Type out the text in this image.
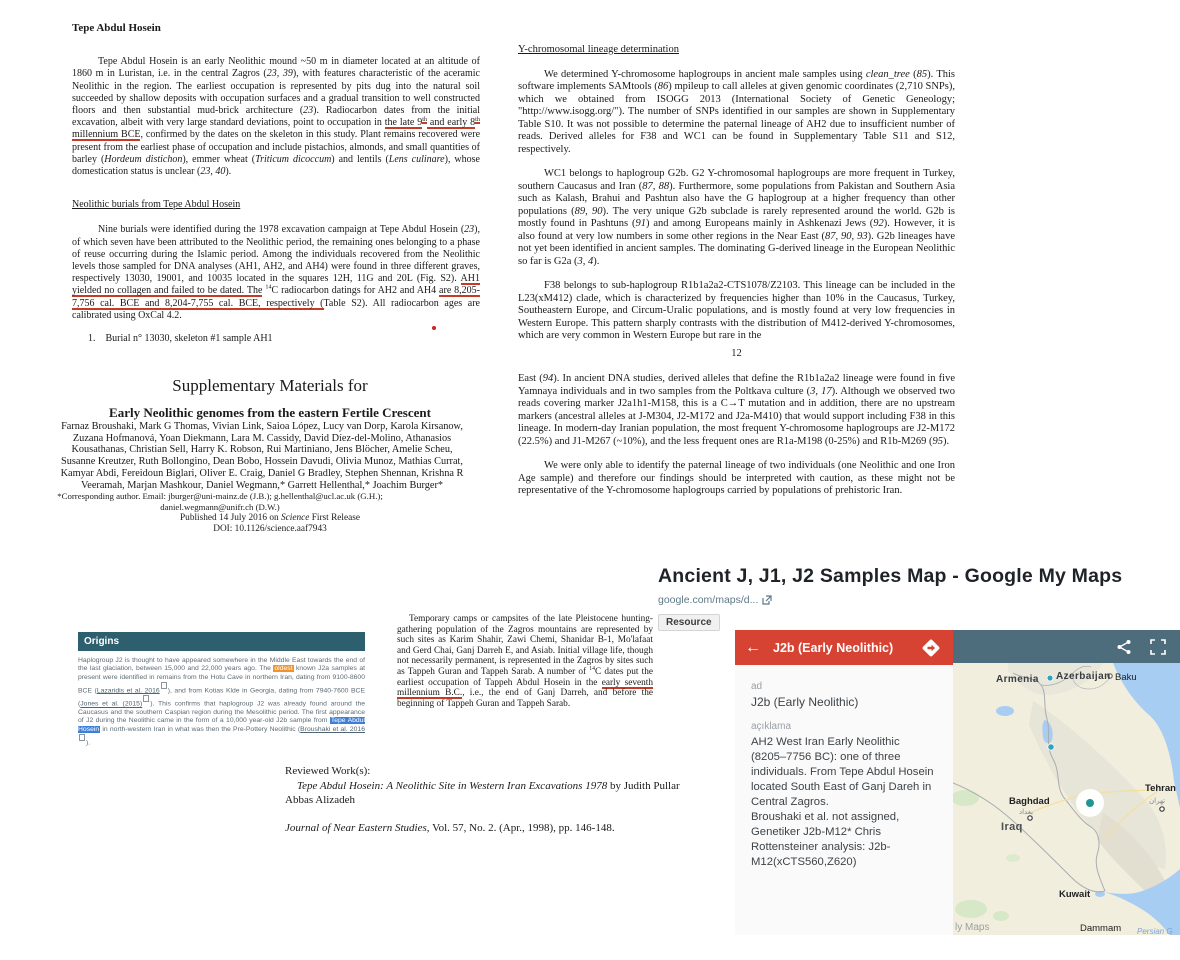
Tepe Abdul Hosein

Tepe Abdul Hosein is an early Neolithic mound ~50 m in diameter located at an altitude of 1860 m in Luristan, i.e. in the central Zagros (23, 39), with features characteristic of the aceramic Neolithic in the region. The earliest occupation is represented by pits dug into the natural soil succeeded by shallow deposits with occupation surfaces and a gradual transition to well constructed floors and then substantial mud-brick architecture (23). Radiocarbon dates from the initial excavation, albeit with very large standard deviations, point to occupation in the late 9th and early 8th millennium BCE, confirmed by the dates on the skeleton in this study. Plant remains recovered were present from the earliest phase of occupation and include pistachios, almonds, and small quantities of barley (Hordeum distichon), emmer wheat (Triticum dicoccum) and lentils (Lens culinare), whose domestication status is unclear (23, 40).

Neolithic burials from Tepe Abdul Hosein

Nine burials were identified during the 1978 excavation campaign at Tepe Abdul Hosein (23), of which seven have been attributed to the Neolithic period, the remaining ones belonging to a phase of reuse occurring during the Islamic period. Among the individuals recovered from the Neolithic levels those sampled for DNA analyses (AH1, AH2, and AH4) were found in three different graves, respectively 13030, 19001, and 10035 located in the squares 12H, 11G and 20L (Fig. S2). AH1 yielded no collagen and failed to be dated. The $^{14}$C radiocarbon datings for AH2 and AH4 are 8,205-7,756 cal. BCE and 8,204-7,755 cal. BCE, respectively (Table S2). All radiocarbon ages are calibrated using OxCal 4.2.

1. Burial n° 13030, skeleton #1 sample AH1
Supplementary Materials for
Early Neolithic genomes from the eastern Fertile Crescent

Farnaz Broushaki, Mark G Thomas, Vivian Link, Saioa López, Lucy van Dorp, Karola Kirsanow, Zuzana Hofmanová, Yoan Diekmann, Lara M. Cassidy, David Díez-del-Molino, Athanasios Kousathanas, Christian Sell, Harry K. Robson, Rui Martiniano, Jens Blöcher, Amelie Scheu, Susanne Kreutzer, Ruth Bollongino, Dean Bobo, Hossein Davudi, Olivia Munoz, Mathias Currat, Kamyar Abdi, Fereidoun Biglari, Oliver E. Craig, Daniel G Bradley, Stephen Shennan, Krishna R Veeramah, Marjan Mashkour, Daniel Wegmann,* Garrett Hellenthal,* Joachim Burger*

*Corresponding author. Email: jburger@uni-mainz.de (J.B.); g.hellenthal@ucl.ac.uk (G.H.); daniel.wegmann@unifr.ch (D.W.)

Published 14 July 2016 on Science First Release

DOI: 10.1126/science.aaf7943

Y-chromosomal lineage determination

We determined Y-chromosome haplogroups in ancient male samples using clean_tree (85). This software implements SAMtools (86) mpileup to call alleles at given genomic coordinates (2,710 SNPs), which we obtained from ISOGG 2013 (International Society of Genetic Geneology; "http://www.isogg.org/"). The number of SNPs identified in our samples are shown in Supplementary Table S10. It was not possible to determine the paternal lineage of AH2 due to insufficient number of reads. Derived alleles for F38 and WC1 can be found in Supplementary Table S11 and S12, respectively.

WC1 belongs to haplogroup G2b. G2 Y-chromosomal haplogroups are more frequent in Turkey, southern Caucasus and Iran (87, 88). Furthermore, some populations from Pakistan and Southern Asia such as Kalash, Brahui and Pashtun also have the G haplogroup at a higher frequency than other populations (89, 90). The very unique G2b subclade is rarely represented around the world. G2b is mostly found in Pashtuns (91) and among Europeans mainly in Ashkenazi Jews (92). However, it is also found at very low numbers in some other regions in the Near East (87, 90, 93). G2b lineages have not yet been identified in ancient samples. The dominating G-derived lineage in the European Neolithic so far is G2a (3, 4).

F38 belongs to sub-haplogroup R1b1a2a2-CTS1078/Z2103. This lineage can be included in the L23(xM412) clade, which is characterized by frequencies higher than 10% in the Caucasus, Turkey, Southeastern Europe, and Circum-Uralic populations, and is mostly found at very low frequencies in Western Europe. This pattern sharply contrasts with the distribution of M412-derived Y-chromosomes, which are very common in Western Europe but rare in the

12

East (94). In ancient DNA studies, derived alleles that define the R1b1a2a2 lineage were found in five Yamnaya individuals and in two samples from the Poltkava culture (3, 17). Although we observed two reads covering marker J2a1h1-M158, this is a C→T mutation and in addition, there are no upstream markers (ancestral alleles at J-M304, J2-M172 and J2a-M410) that would support including F38 in this lineage. In modern-day Iranian population, the most frequent Y-chromosome haplogroups are J2-M172 (22.5%) and J1-M267 (~10%), and the less frequent ones are R1a-M198 (0-25%) and R1b-M269 (95).

We were only able to identify the paternal lineage of two individuals (one Neolithic and one Iron Age sample) and therefore our findings should be interpreted with caution, as these might not be representative of the Y-chromosome haplogroups carried by populations of prehistoric Iran.

Origins

Haplogroup J2 is thought to have appeared somewhere in the Middle East towards the end of the last glaciation, between 15,000 and 22,000 years ago. The oldest known J2a samples at present were identified in remains from the Hotu Cave in northern Iran, dating from 9100-8600 BCE (Lazaridis et al. 2016 ), and from Kotias Klde in Georgia, dating from 7940-7600 BCE (Jones et al. (2015) ). This confirms that haplogroup J2 was already found around the Caucasus and the southern Caspian region during the Mesolithic period. The first appearance of J2 during the Neolithic came in the form of a 10,000 year-old J2b sample from Tepe Abdul Hosein in north-western Iran in what was then the Pre-Pottery Neolithic (Broushaki et al. 2016).

Temporary camps or campsites of the late Pleistocene hunting-gathering population of the Zagros mountains are represented by such sites as Karim Shahir, Zawi Chemi, Shanidar B-1, Mo'lafaat and Gerd Chai, Ganj Darreh E, and Asiab. Initial village life, though not necessarily permanent, is represented in the Zagros by sites such as Tappeh Guran and Tappeh Sarab. A number of $^{14}$C dates put the earliest occupation of Tappeh Abdul Hosein in the early seventh millennium B.C., i.e., the end of Ganj Darreh, and before the beginning of Tappeh Guran and Tappeh Sarab.

Reviewed Work(s):

Tepe Abdul Hosein: A Neolithic Site in Western Iran Excavations 1978 by Judith Pullar

Abbas Alizadeh

Journal of Near Eastern Studies, Vol. 57, No. 2. (Apr., 1998), pp. 146-148.

Ancient J, J1, J2 Samples Map - Google My Maps
google.com/maps/d...
Resource
← J2b (Early Neolithic)
ad
J2b (Early Neolithic)
açıklama

AH2 West Iran Early Neolithic (8205–7756 BC): one of three individuals. From Tepe Abdul Hosein located South East of Ganj Dareh in Central Zagros.

Broushaki et al. not assigned, Genetiker J2b-M12* Chris Rottensteiner analysis: J2b-M12(xCTS560,Z620)

Armenia Azerbaijan Baku
Tehran
تهران
Baghdad
بغداد
Iraq
Kuwait
Dammam Persian G
ly Maps
